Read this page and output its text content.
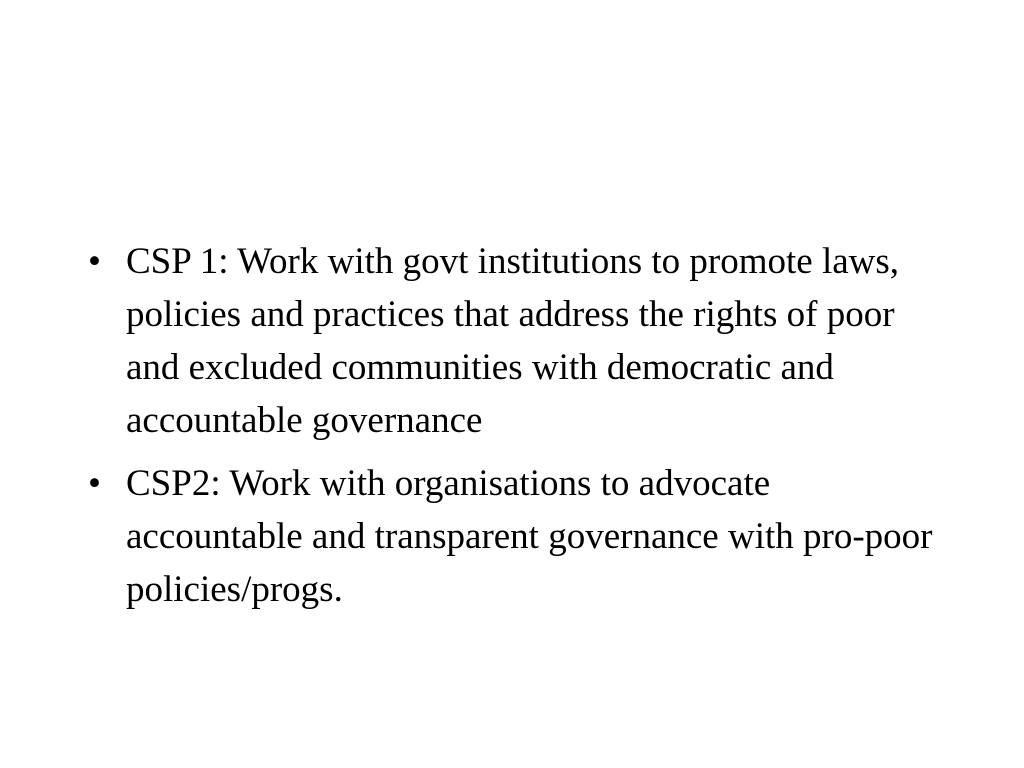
• CSP 1: Work with govt institutions to promote laws, policies and practices that address the rights of poor and excluded communities with democratic and accountable governance
• CSP2: Work with organisations to advocate accountable and transparent governance with pro-poor policies/progs.
